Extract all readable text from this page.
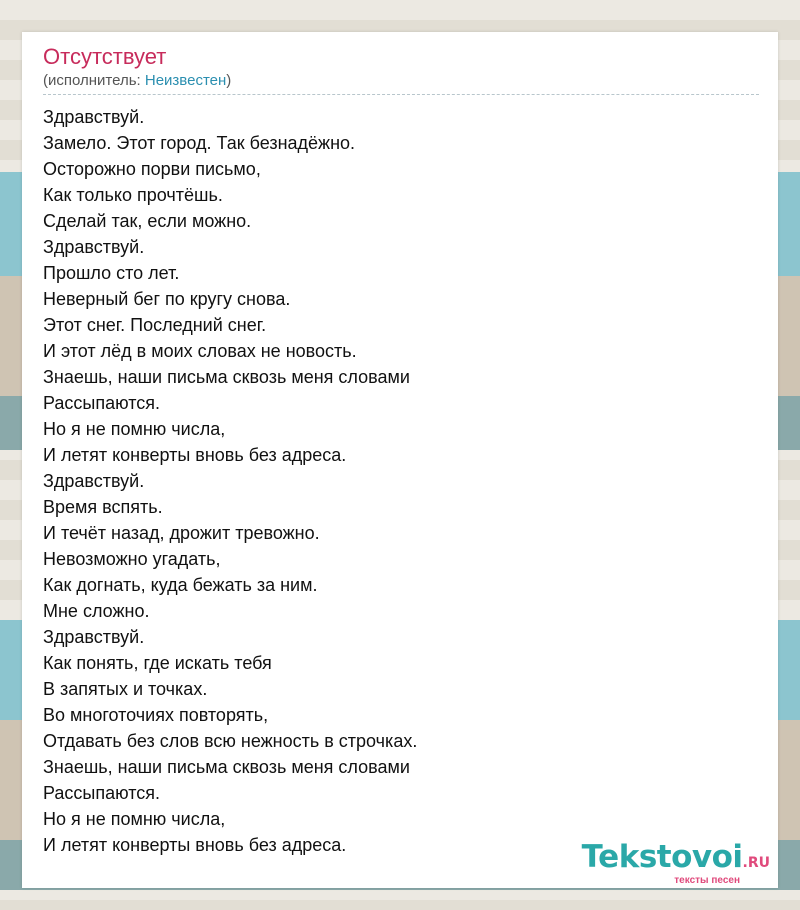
Отсутствует
(исполнитель: Неизвестен)
Здравствуй.
Замело. Этот город. Так безнадёжно.
Осторожно порви письмо,
Как только прочтёшь.
Сделай так, если можно.
Здравствуй.
Прошло сто лет.
Неверный бег по кругу снова.
Этот снег. Последний снег.
И этот лёд в моих словах не новость.
Знаешь, наши письма сквозь меня словами
Рассыпаются.
Но я не помню числа,
И летят конверты вновь без адреса.
Здравствуй.
Время вспять.
И течёт назад, дрожит тревожно.
Невозможно угадать,
Как догнать, куда бежать за ним.
Мне сложно.
Здравствуй.
Как понять, где искать тебя
В запятых и точках.
Во многоточиях повторять,
Отдавать без слов всю нежность в строчках.
Знаешь, наши письма сквозь меня словами
Рассыпаются.
Но я не помню числа,
И летят конверты вновь без адреса.	Tekstovoi.RU
тексты песен
